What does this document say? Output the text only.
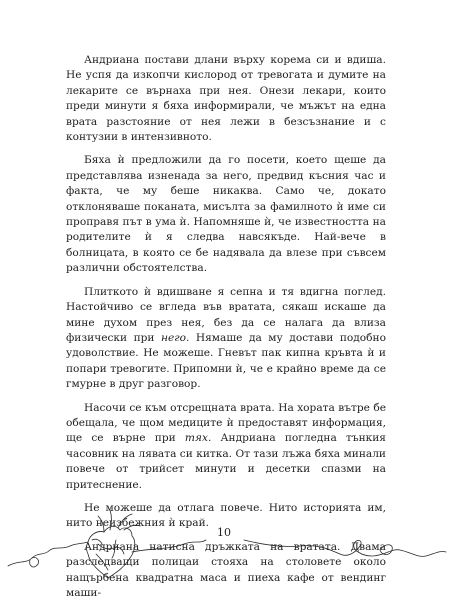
Андриана постави длани върху корема си и вдиша. Не успя да изкопчи кислород от тревогата и думите на лекарите се върнаха при нея. Онези лекари, които преди минути я бяха информирали, че мъжът на една врата разстояние от нея лежи в безсъзнание и с контузии в интензивното.

Бяха ѝ предложили да го посети, което щеше да представлява изненада за него, предвид късния час и факта, че му беше никаква. Само че, докато отклоняваше поканата, мисълта за фамилното ѝ име си проправя път в ума ѝ. Напомняше ѝ, че известността на родителите ѝ я следва навсякъде. Най-вече в болницата, в която се бе надявала да влезе при съвсем различни обстоятелства.

Плиткото ѝ вдишване я сепна и тя вдигна поглед. Настойчиво се вгледа във вратата, сякаш искаше да мине духом през нея, без да се налага да влизa физически при него. Нямаше да му достави подобно удоволствие. Не можеше. Гневът пак кипна кръвта ѝ и попари тревогите. Припомни ѝ, че е крайно време да се гмурне в друг разговор.

Насочи се към отсрещната врата. На хората вътре бе обещала, че щом медиците ѝ предоставят информация, ще се върне при тях. Андриана погледна тънкия часовник на лявата си китка. От тази лъжа бяха минали повече от трийсет минути и десетки спазми на притеснение.

Не можеше да отлага повече. Нито историята им, нито неизбежния ѝ край.

Андриана натисна дръжката на вратата. Двама разследващи полицаи стояха на столовете около нащърбена квадратна маса и пиеха кафе от вендинг маши-

10
